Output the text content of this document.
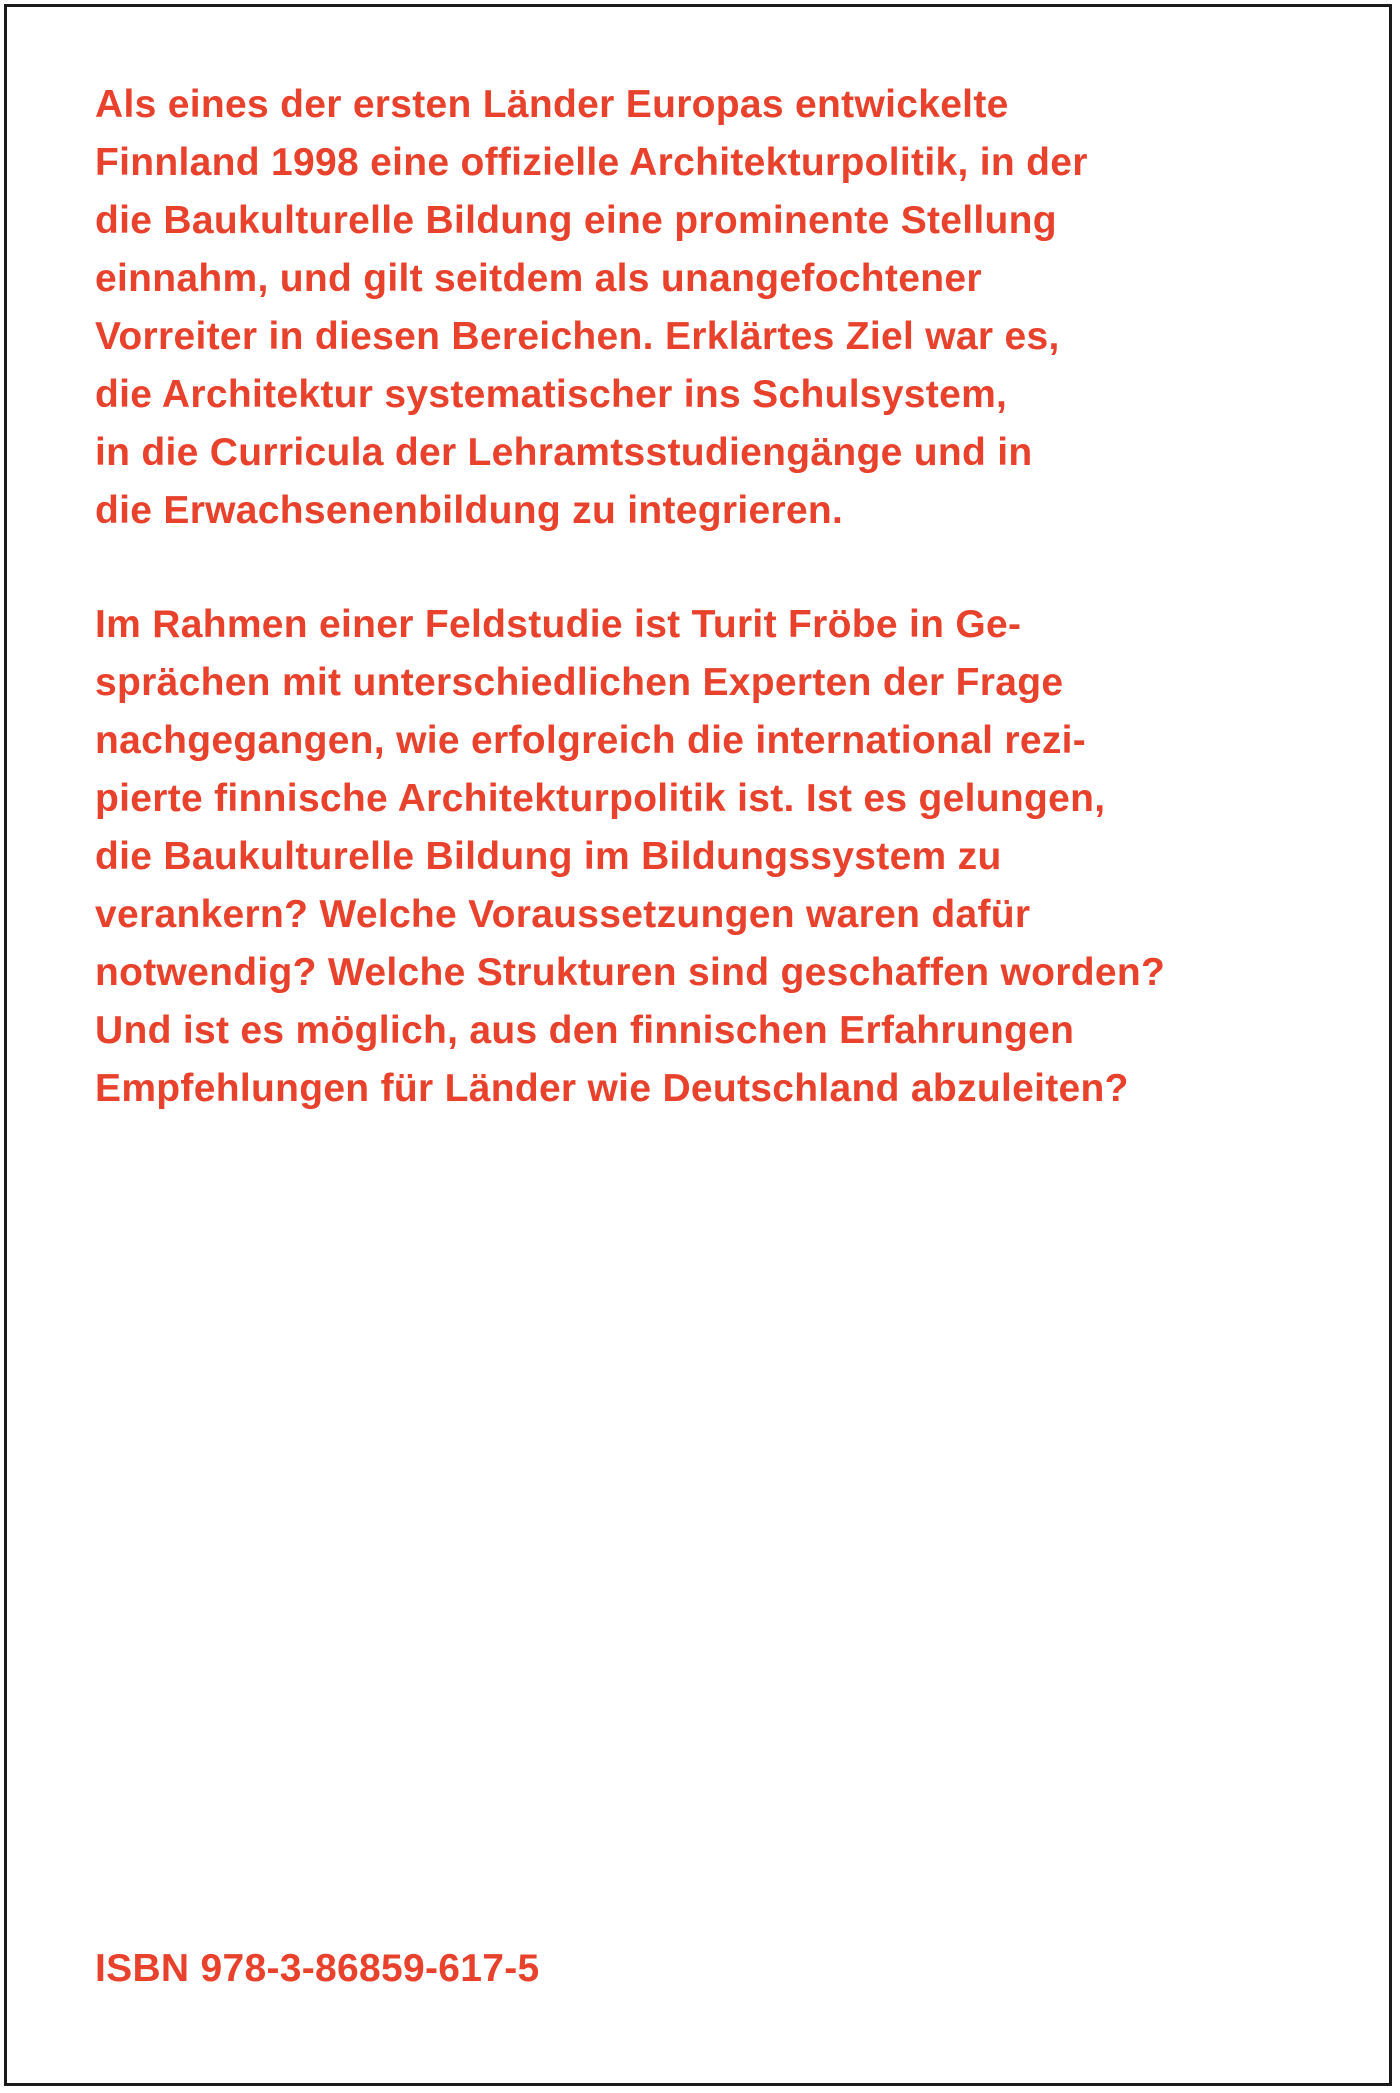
Als eines der ersten Länder Europas entwickelte
Finnland 1998 eine offizielle Architekturpolitik, in der
die Baukulturelle Bildung eine prominente Stellung
einnahm, und gilt seitdem als unangefochtener
Vorreiter in diesen Bereichen. Erklärtes Ziel war es,
die Architektur systematischer ins Schulsystem,
in die Curricula der Lehramtsstudiengänge und in
die Erwachsenenbildung zu integrieren.
Im Rahmen einer Feldstudie ist Turit Fröbe in Ge-
sprächen mit unterschiedlichen Experten der Frage
nachgegangen, wie erfolgreich die international rezi-
pierte finnische Architekturpolitik ist. Ist es gelungen,
die Baukulturelle Bildung im Bildungssystem zu
verankern? Welche Voraussetzungen waren dafür
notwendig? Welche Strukturen sind geschaffen worden?
Und ist es möglich, aus den finnischen Erfahrungen
Empfehlungen für Länder wie Deutschland abzuleiten?
ISBN 978-3-86859-617-5
